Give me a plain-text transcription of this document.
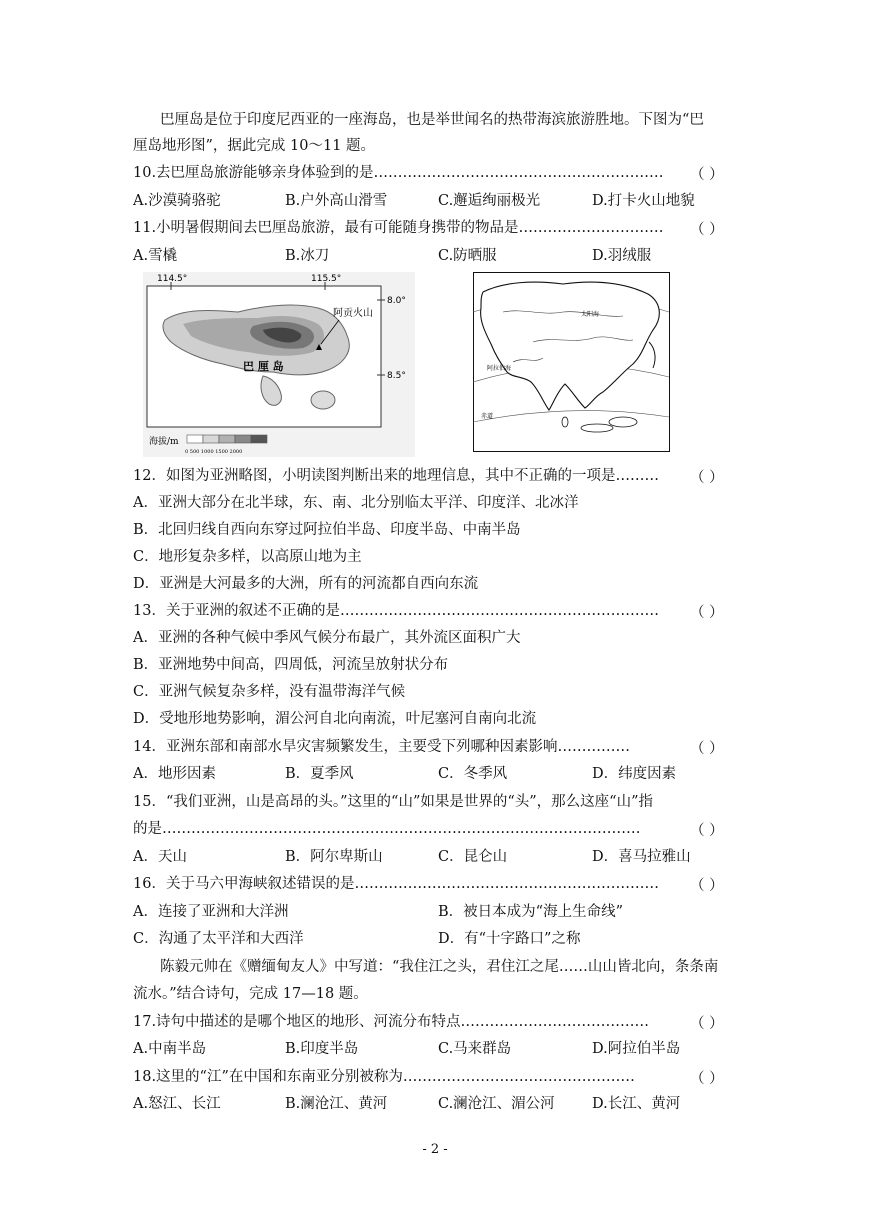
巴厘岛是位于印度尼西亚的一座海岛，也是举世闻名的热带海滨旅游胜地。下图为“巴
厘岛地形图”，据此完成 10～11 题。
10.去巴厘岛旅游能够亲身体验到的是…………………………………………………… （ ）
A.沙漠骑骆驼	B.户外高山滑雪	C.邂逅绚丽极光	D.打卡火山地貌
11.小明暑假期间去巴厘岛旅游，最有可能随身携带的物品是………………………… （ ）
A.雪橇	B.冰刀	C.防晒服	D.羽绒服
114.5°	115.5°
8.0°
8.5°
阿贡火山
巴 厘 岛
海拔/m
0 500 1000 1500 2000
太阳海
阿拉伯海
赤道
12．如图为亚洲略图，小明读图判断出来的地理信息，其中不正确的一项是……… （ ）
A．亚洲大部分在北半球，东、南、北分别临太平洋、印度洋、北冰洋
B．北回归线自西向东穿过阿拉伯半岛、印度半岛、中南半岛
C．地形复杂多样，以高原山地为主
D．亚洲是大河最多的大洲，所有的河流都自西向东流
13．关于亚洲的叙述不正确的是………………………………………………………… （ ）
A．亚洲的各种气候中季风气候分布最广，其外流区面积广大
B．亚洲地势中间高，四周低，河流呈放射状分布
C．亚洲气候复杂多样，没有温带海洋气候
D．受地形地势影响，湄公河自北向南流，叶尼塞河自南向北流
14．亚洲东部和南部水旱灾害频繁发生，主要受下列哪种因素影响……………	（ ）
A．地形因素	B．夏季风	C．冬季风	D．纬度因素
15．“我们亚洲，山是高昂的头。”这里的“山”如果是世界的“头”，那么这座“山”指
的是………………………………………………………………………………………	（ ）
A．天山	B．阿尔卑斯山	C．昆仑山	D．喜马拉雅山
16．关于马六甲海峡叙述错误的是……………………………………………………… （ ）
A．连接了亚洲和大洋洲	B．被日本成为“海上生命线”
C．沟通了太平洋和大西洋	D．有“十字路口”之称
陈毅元帅在《赠缅甸友人》中写道：“我住江之头，君住江之尾……山山皆北向，条条南
流水。”结合诗句，完成 17—18 题。
17.诗句中描述的是哪个地区的地形、河流分布特点…………………………………	（ ）
A.中南半岛	B.印度半岛	C.马来群岛	D.阿拉伯半岛
18.这里的“江”在中国和东南亚分别被称为…………………………………………	（ ）
A.怒江、长江	B.澜沧江、黄河	C.澜沧江、湄公河	D.长江、黄河
- 2 -
